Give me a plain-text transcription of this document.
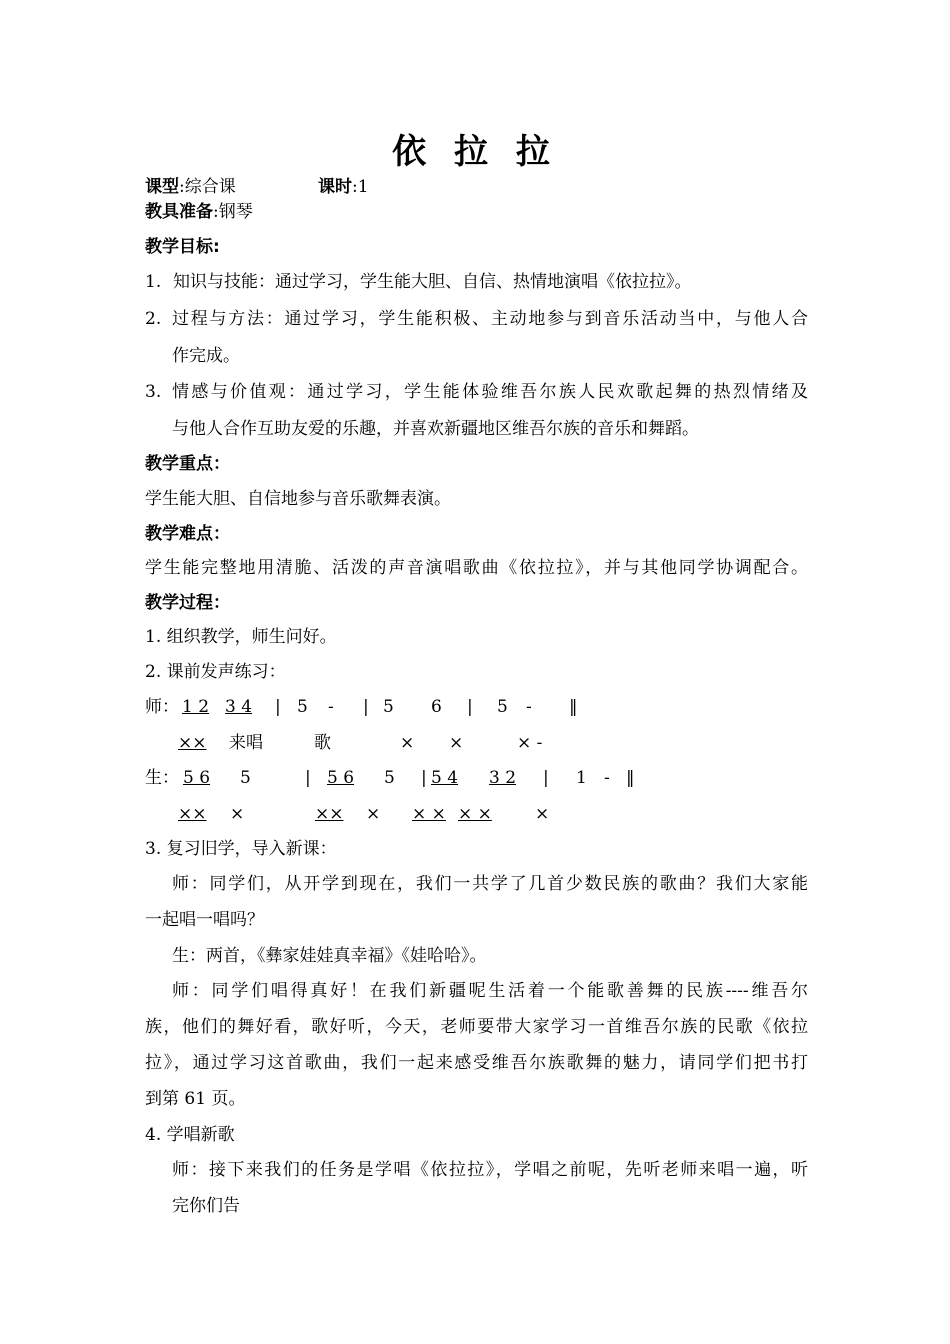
依 拉 拉
课型:综合课	课时:1
教具准备:钢琴
教学目标:
1. 知识与技能：通过学习，学生能大胆、自信、热情地演唱《依拉拉》。
2. 过程与方法：通过学习，学生能积极、主动地参与到音乐活动当中，与他人合
作完成。
3. 情感与价值观：通过学习，学生能体验维吾尔族人民欢歌起舞的热烈情绪及
与他人合作互助友爱的乐趣，并喜欢新疆地区维吾尔族的音乐和舞蹈。
教学重点：
学生能大胆、自信地参与音乐歌舞表演。
教学难点：
学生能完整地用清脆、活泼的声音演唱歌曲《依拉拉》，并与其他同学协调配合。
教学过程：
1. 组织教学，师生问好。
2. 课前发声练习：
师： 1 2 3 4 | 5 - | 5 6 | 5 - ‖
×× 来唱	歌	× ×	× -
生： 5 6 5	| 5 6 5 | 5 4 3 2 | 1 - ‖
×× ×	×× × × × × ×	×
3. 复习旧学，导入新课：
师：同学们，从开学到现在，我们一共学了几首少数民族的歌曲？我们大家能
一起唱一唱吗？
生：两首，《彝家娃娃真幸福》《娃哈哈》。
师：同学们唱得真好！在我们新疆呢生活着一个能歌善舞的民族----维吾尔
族，他们的舞好看，歌好听，今天，老师要带大家学习一首维吾尔族的民歌《依拉
拉》，通过学习这首歌曲，我们一起来感受维吾尔族歌舞的魅力，请同学们把书打
到第 61 页。
4. 学唱新歌
师：接下来我们的任务是学唱《依拉拉》，学唱之前呢，先听老师来唱一遍，听
完你们告
